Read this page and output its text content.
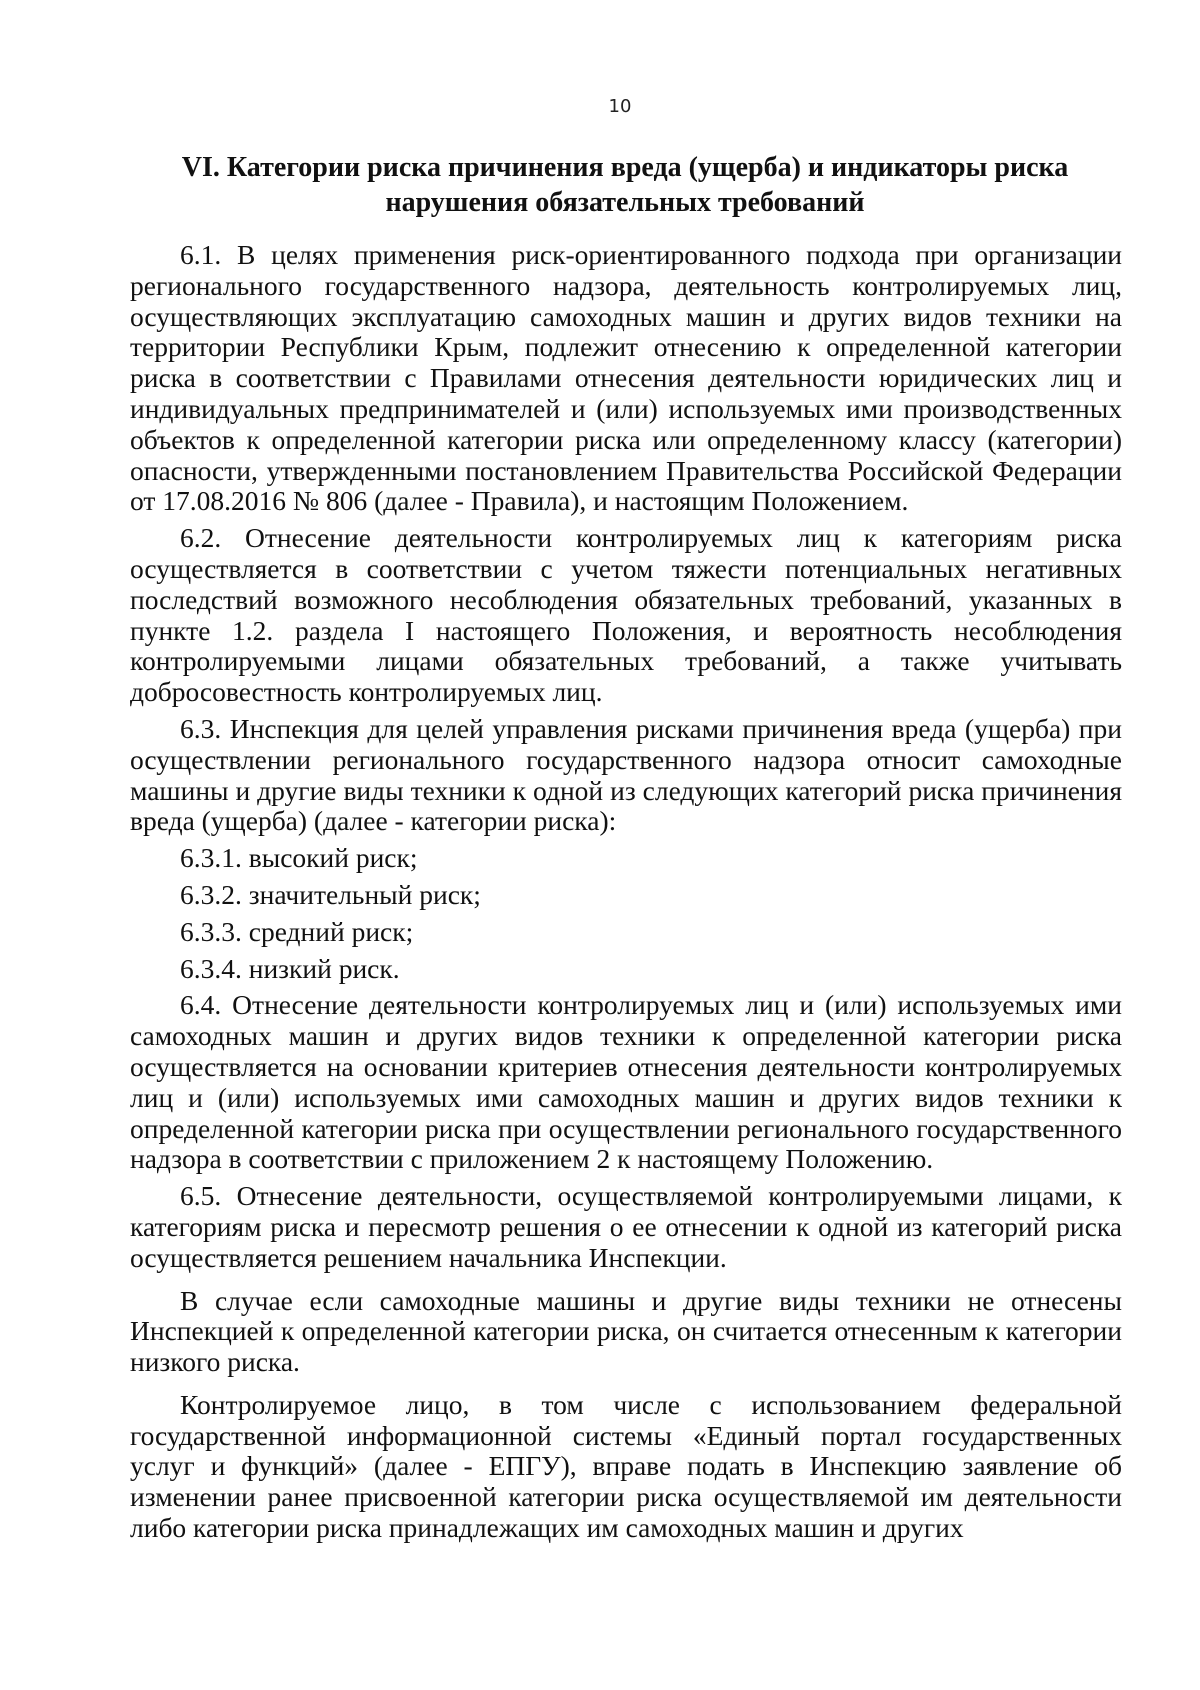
10
VI. Категории риска причинения вреда (ущерба) и индикаторы риска
нарушения обязательных требований

6.1. В целях применения риск-ориентированного подхода при организации регионального государственного надзора, деятельность контролируемых лиц, осуществляющих эксплуатацию самоходных машин и других видов техники на территории Республики Крым, подлежит отнесению к определенной категории риска в соответствии с Правилами отнесения деятельности юридических лиц и индивидуальных предпринимателей и (или) используемых ими производственных объектов к определенной категории риска или определенному классу (категории) опасности, утвержденными постановлением Правительства Российской Федерации от 17.08.2016 № 806 (далее - Правила), и настоящим Положением.

6.2. Отнесение деятельности контролируемых лиц к категориям риска осуществляется в соответствии с учетом тяжести потенциальных негативных последствий возможного несоблюдения обязательных требований, указанных в пункте 1.2. раздела I настоящего Положения, и вероятность несоблюдения контролируемыми лицами обязательных требований, а также учитывать добросовестность контролируемых лиц.

6.3. Инспекция для целей управления рисками причинения вреда (ущерба) при осуществлении регионального государственного надзора относит самоходные машины и другие виды техники к одной из следующих категорий риска причинения вреда (ущерба) (далее - категории риска):

6.3.1. высокий риск;

6.3.2. значительный риск;

6.3.3. средний риск;

6.3.4. низкий риск.

6.4. Отнесение деятельности контролируемых лиц и (или) используемых ими самоходных машин и других видов техники к определенной категории риска осуществляется на основании критериев отнесения деятельности контролируемых лиц и (или) используемых ими самоходных машин и других видов техники к определенной категории риска при осуществлении регионального государственного надзора в соответствии с приложением 2 к настоящему Положению.

6.5. Отнесение деятельности, осуществляемой контролируемыми лицами, к категориям риска и пересмотр решения о ее отнесении к одной из категорий риска осуществляется решением начальника Инспекции.

В случае если самоходные машины и другие виды техники не отнесены Инспекцией к определенной категории риска, он считается отнесенным к категории низкого риска.

Контролируемое лицо, в том числе с использованием федеральной государственной информационной системы «Единый портал государственных услуг и функций» (далее - ЕПГУ), вправе подать в Инспекцию заявление об изменении ранее присвоенной категории риска осуществляемой им деятельности либо категории риска принадлежащих им самоходных машин и других
